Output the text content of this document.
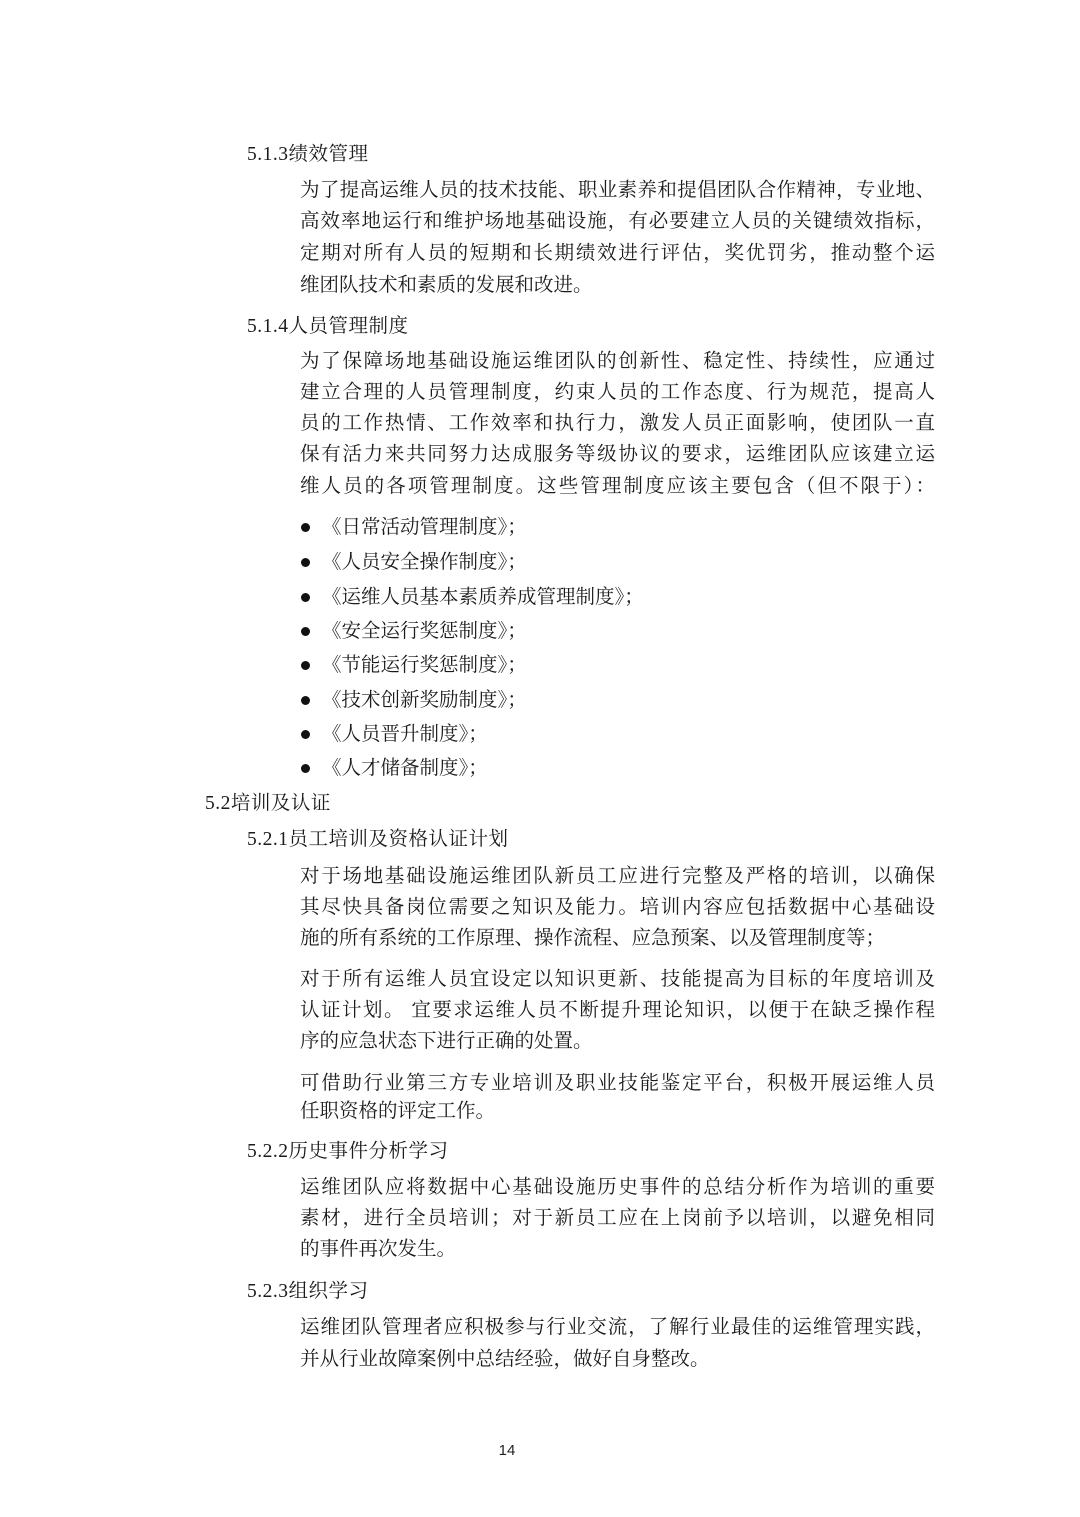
5.1.3绩效管理
为了提高运维人员的技术技能、职业素养和提倡团队合作精神，专业地、
高效率地运行和维护场地基础设施，有必要建立人员的关键绩效指标，
定期对所有人员的短期和长期绩效进行评估，奖优罚劣，推动整个运
维团队技术和素质的发展和改进。
5.1.4人员管理制度
为了保障场地基础设施运维团队的创新性、稳定性、持续性，应通过
建立合理的人员管理制度，约束人员的工作态度、行为规范，提高人
员的工作热情、工作效率和执行力，激发人员正面影响，使团队一直
保有活力来共同努力达成服务等级协议的要求，运维团队应该建立运
维人员的各项管理制度。这些管理制度应该主要包含（但不限于）：
《日常活动管理制度》；
《人员安全操作制度》；
《运维人员基本素质养成管理制度》；
《安全运行奖惩制度》；
《节能运行奖惩制度》；
《技术创新奖励制度》；
《人员晋升制度》；
《人才储备制度》；
5.2培训及认证
5.2.1员工培训及资格认证计划
对于场地基础设施运维团队新员工应进行完整及严格的培训，以确保
其尽快具备岗位需要之知识及能力。培训内容应包括数据中心基础设
施的所有系统的工作原理、操作流程、应急预案、以及管理制度等；
对于所有运维人员宜设定以知识更新、技能提高为目标的年度培训及
认证计划。 宜要求运维人员不断提升理论知识，以便于在缺乏操作程
序的应急状态下进行正确的处置。
可借助行业第三方专业培训及职业技能鉴定平台，积极开展运维人员
任职资格的评定工作。
5.2.2历史事件分析学习
运维团队应将数据中心基础设施历史事件的总结分析作为培训的重要
素材，进行全员培训；对于新员工应在上岗前予以培训，以避免相同
的事件再次发生。
5.2.3组织学习
运维团队管理者应积极参与行业交流，了解行业最佳的运维管理实践，
并从行业故障案例中总结经验，做好自身整改。
14
